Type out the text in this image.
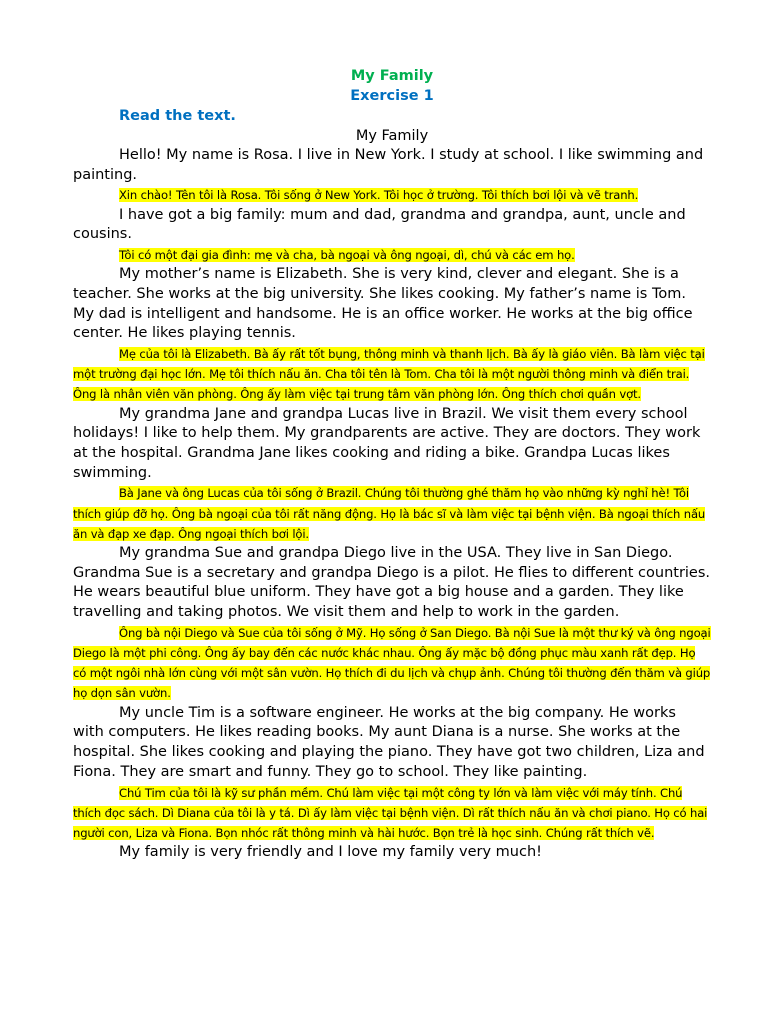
My Family

Exercise 1

Read the text.

My Family

Hello! My name is Rosa. I live in New York. I study at school. I like swimming and painting.

Xin chào! Tên tôi là Rosa. Tôi sống ở New York. Tôi học ở trường. Tôi thích bơi lội và vẽ tranh.

I have got a big family: mum and dad, grandma and grandpa, aunt, uncle and cousins.

Tôi có một đại gia đình: mẹ và cha, bà ngoại và ông ngoại, dì, chú và các em họ.

My mother’s name is Elizabeth. She is very kind, clever and elegant. She is a teacher. She works at the big university. She likes cooking. My father’s name is Tom. My dad is intelligent and handsome. He is an office worker. He works at the big office center. He likes playing tennis.

Mẹ của tôi là Elizabeth. Bà ấy rất tốt bụng, thông minh và thanh lịch. Bà ấy là giáo viên. Bà làm việc tại một trường đại học lớn. Mẹ tôi thích nấu ăn. Cha tôi tên là Tom. Cha tôi là một người thông minh và điển trai. Ông là nhân viên văn phòng. Ông ấy làm việc tại trung tâm văn phòng lớn. Ông thích chơi quần vợt.

My grandma Jane and grandpa Lucas live in Brazil. We visit them every school holidays! I like to help them. My grandparents are active. They are doctors. They work at the hospital. Grandma Jane likes cooking and riding a bike. Grandpa Lucas likes swimming.

Bà Jane và ông Lucas của tôi sống ở Brazil. Chúng tôi thường ghé thăm họ vào những kỳ nghỉ hè! Tôi thích giúp đỡ họ. Ông bà ngoại của tôi rất năng động. Họ là bác sĩ và làm việc tại bệnh viện. Bà ngoại thích nấu ăn và đạp xe đạp. Ông ngoại thích bơi lội.

My grandma Sue and grandpa Diego live in the USA. They live in San Diego. Grandma Sue is a secretary and grandpa Diego is a pilot. He flies to different countries. He wears beautiful blue uniform. They have got a big house and a garden. They like travelling and taking photos. We visit them and help to work in the garden.

Ông bà nội Diego và Sue của tôi sống ở Mỹ. Họ sống ở San Diego. Bà nội Sue là một thư ký và ông ngoại Diego là một phi công. Ông ấy bay đến các nước khác nhau. Ông ấy mặc bộ đồng phục màu xanh rất đẹp. Họ có một ngôi nhà lớn cùng với một sân vườn. Họ thích đi du lịch và chụp ảnh. Chúng tôi thường đến thăm và giúp họ dọn sân vườn.

My uncle Tim is a software engineer. He works at the big company. He works with computers. He likes reading books. My aunt Diana is a nurse. She works at the hospital. She likes cooking and playing the piano. They have got two children, Liza and Fiona. They are smart and funny. They go to school. They like painting.

Chú Tim của tôi là kỹ sư phần mềm. Chú làm việc tại một công ty lớn và làm việc với máy tính. Chú thích đọc sách. Dì Diana của tôi là y tá. Dì ấy làm việc tại bệnh viện. Dì rất thích nấu ăn và chơi piano. Họ có hai người con, Liza và Fiona. Bọn nhóc rất thông minh và hài hước. Bọn trẻ là học sinh. Chúng rất thích vẽ.

My family is very friendly and I love my family very much!
